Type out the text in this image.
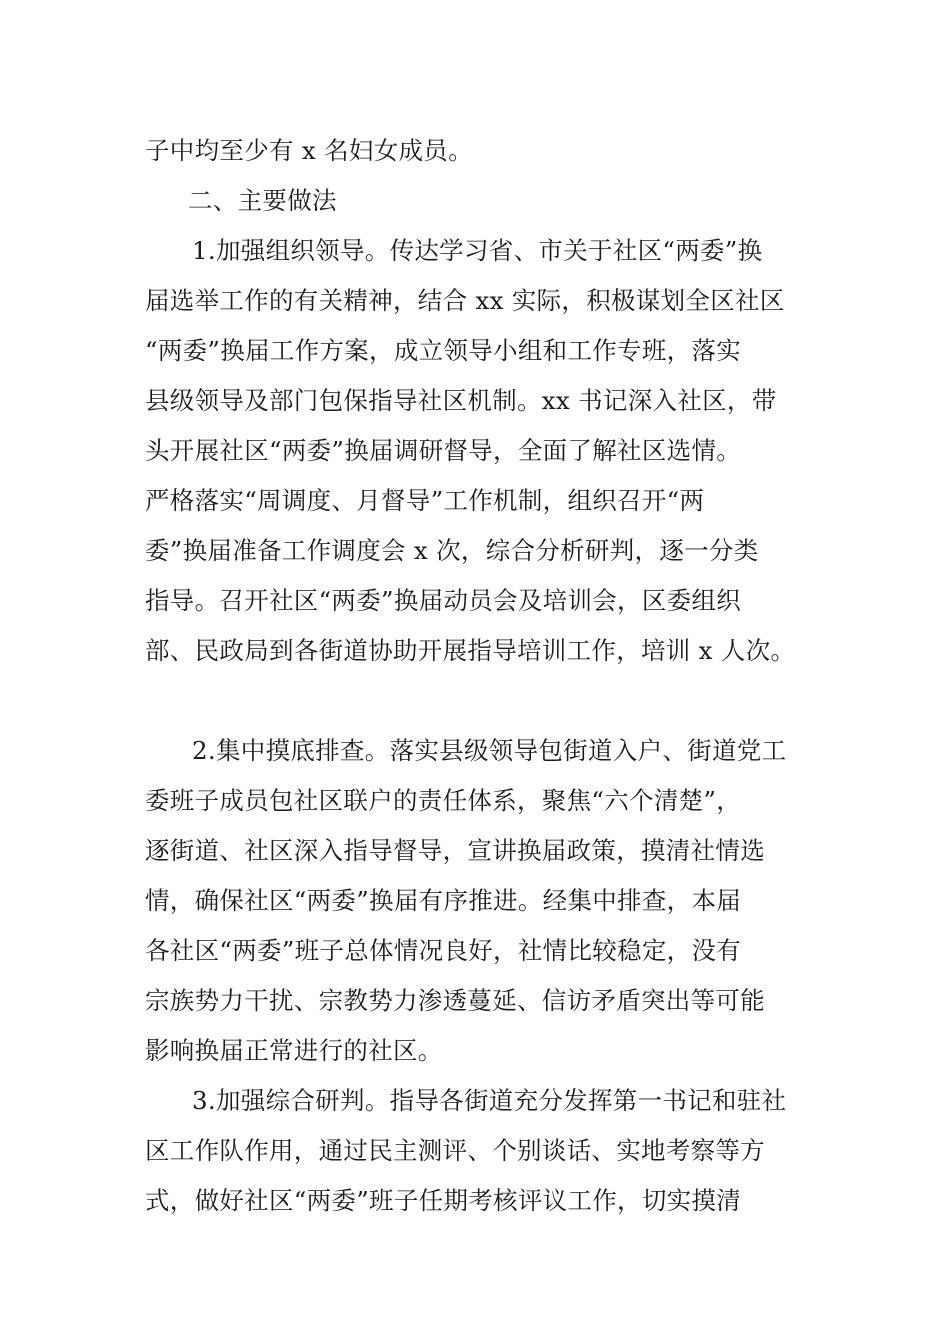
子中均至少有 x 名妇女成员。
二、主要做法
1.加强组织领导。传达学习省、市关于社区“两委”换
届选举工作的有关精神，结合 xx 实际，积极谋划全区社区
“两委”换届工作方案，成立领导小组和工作专班，落实
县级领导及部门包保指导社区机制。xx 书记深入社区，带
头开展社区“两委”换届调研督导，全面了解社区选情。
严格落实“周调度、月督导”工作机制，组织召开“两
委”换届准备工作调度会 x 次，综合分析研判，逐一分类
指导。召开社区“两委”换届动员会及培训会，区委组织
部、民政局到各街道协助开展指导培训工作，培训 x 人次。
2.集中摸底排查。落实县级领导包街道入户、街道党工
委班子成员包社区联户的责任体系，聚焦“六个清楚”，
逐街道、社区深入指导督导，宣讲换届政策，摸清社情选
情，确保社区“两委”换届有序推进。经集中排查，本届
各社区“两委”班子总体情况良好，社情比较稳定，没有
宗族势力干扰、宗教势力渗透蔓延、信访矛盾突出等可能
影响换届正常进行的社区。
3.加强综合研判。指导各街道充分发挥第一书记和驻社
区工作队作用，通过民主测评、个别谈话、实地考察等方
式，做好社区“两委”班子任期考核评议工作，切实摸清
